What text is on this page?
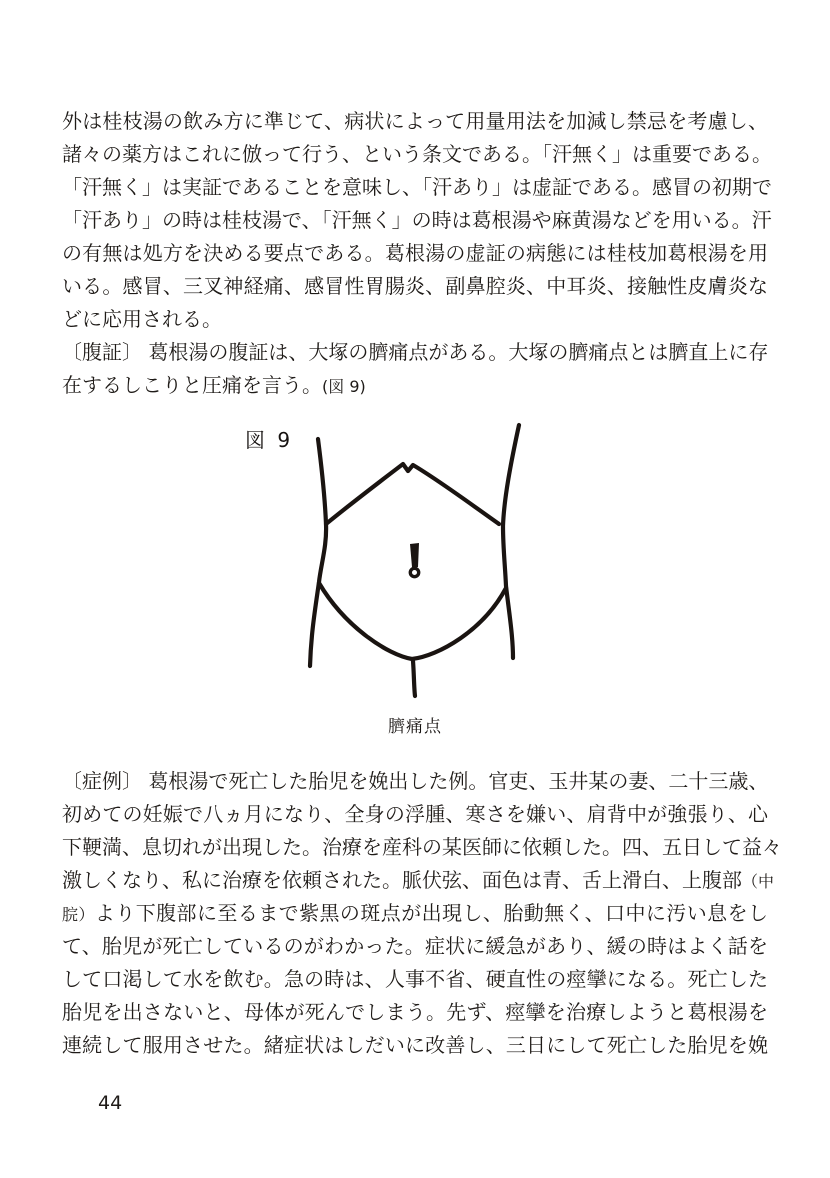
外は桂枝湯の飲み方に準じて、病状によって用量用法を加減し禁忌を考慮し、
諸々の薬方はこれに倣って行う、という条文である。「汗無く」は重要である。
「汗無く」は実証であることを意味し、「汗あり」は虚証である。感冒の初期で
「汗あり」の時は桂枝湯で、「汗無く」の時は葛根湯や麻黄湯などを用いる。汗
の有無は処方を決める要点である。葛根湯の虚証の病態には桂枝加葛根湯を用
いる。感冒、三叉神経痛、感冒性胃腸炎、副鼻腔炎、中耳炎、接触性皮膚炎な
どに応用される。
〔腹証〕 葛根湯の腹証は、大塚の臍痛点がある。大塚の臍痛点とは臍直上に存
在するしこりと圧痛を言う。(図 9)
図 9
臍痛点
〔症例〕 葛根湯で死亡した胎児を娩出した例。官吏、玉井某の妻、二十三歳、
初めての妊娠で八ヵ月になり、全身の浮腫、寒さを嫌い、肩背中が強張り、心
下鞕満、息切れが出現した。治療を産科の某医師に依頼した。四、五日して益々
激しくなり、私に治療を依頼された。脈伏弦、面色は青、舌上滑白、上腹部（中
脘）より下腹部に至るまで紫黒の斑点が出現し、胎動無く、口中に汚い息をし
て、胎児が死亡しているのがわかった。症状に緩急があり、緩の時はよく話を
して口渇して水を飲む。急の時は、人事不省、硬直性の痙攣になる。死亡した
胎児を出さないと、母体が死んでしまう。先ず、痙攣を治療しようと葛根湯を
連続して服用させた。緒症状はしだいに改善し、三日にして死亡した胎児を娩
44
